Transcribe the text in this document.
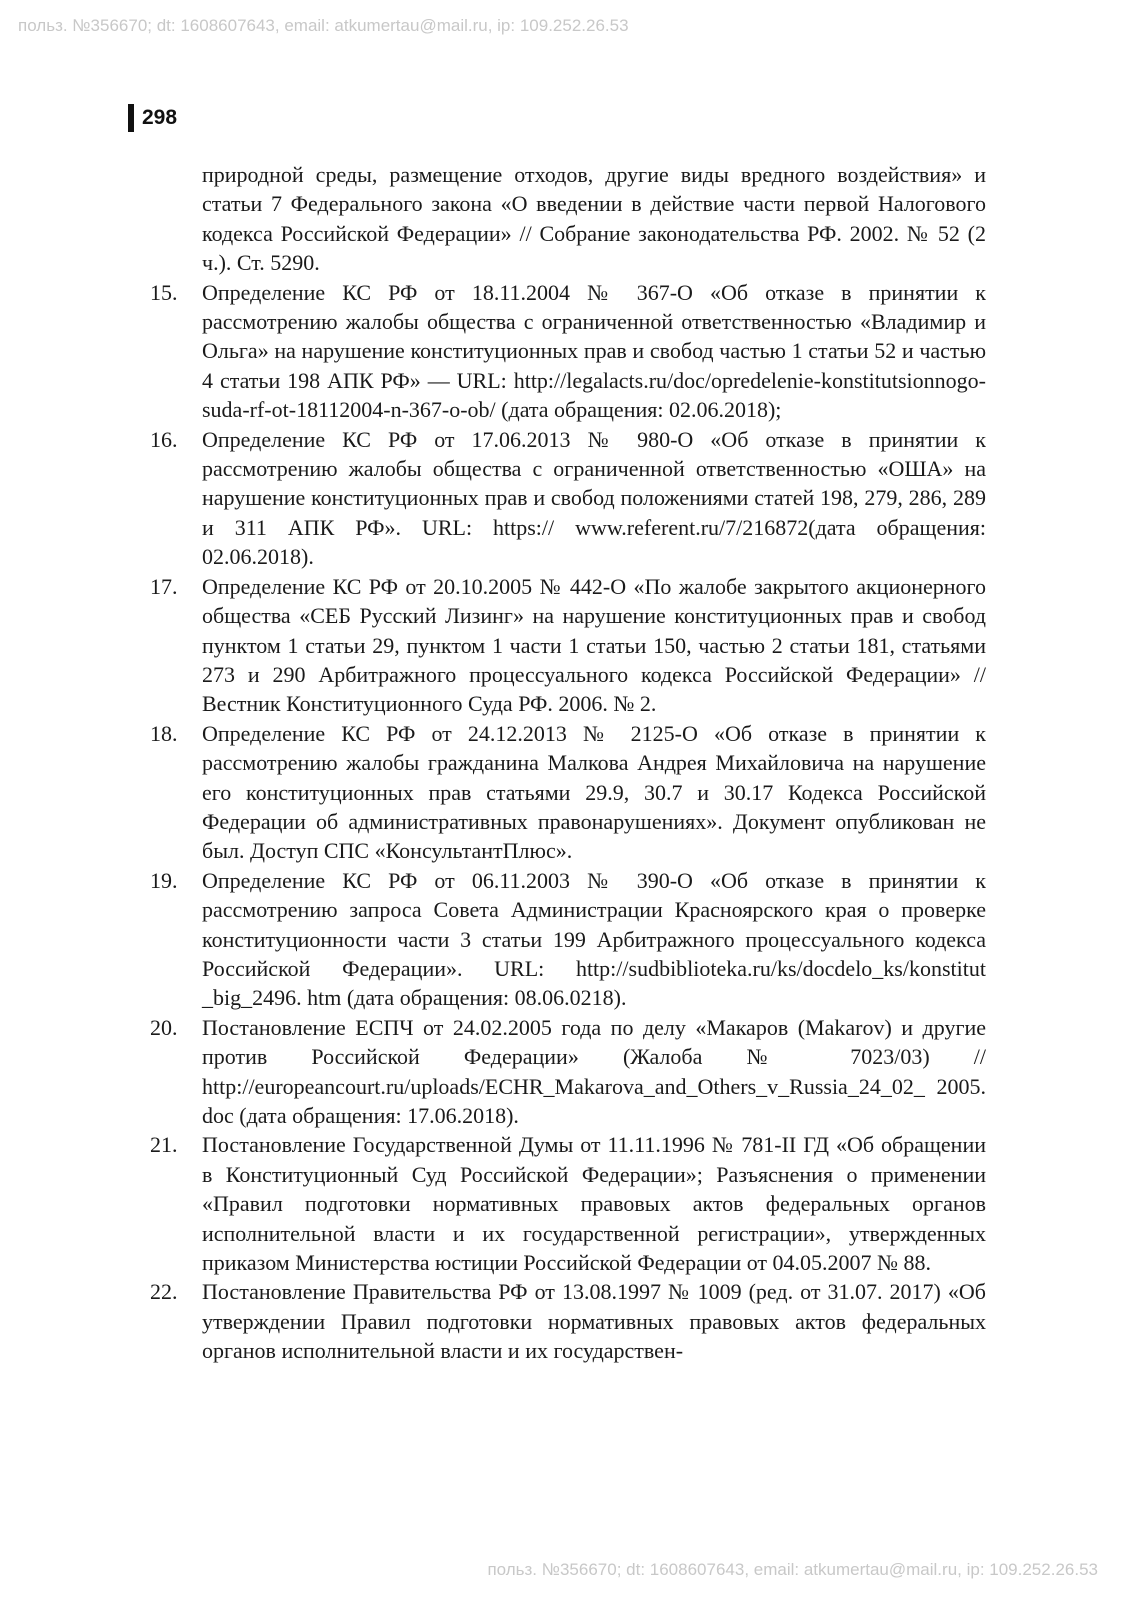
польз. №356670; dt: 1608607643, email: atkumertau@mail.ru, ip: 109.252.26.53
298
природной среды, размещение отходов, другие виды вредного воздействия» и статьи 7 Федерального закона «О введении в действие части первой Налогового кодекса Российской Федерации» // Собрание законодательства РФ. 2002. № 52 (2 ч.). Ст. 5290.
15.	Определение КС РФ от 18.11.2004 № 367-О «Об отказе в принятии к рассмотрению жалобы общества с ограниченной ответственностью «Владимир и Ольга» на нарушение конституционных прав и свобод частью 1 статьи 52 и частью 4 статьи 198 АПК РФ» — URL: http://legalacts.ru/doc/opredelenie-konstitutsionnogo-suda-rf-ot-18112004-n-367-o-ob/ (дата обращения: 02.06.2018);
16.	Определение КС РФ от 17.06.2013 № 980-О «Об отказе в принятии к рассмотрению жалобы общества с ограниченной ответственностью «ОША» на нарушение конституционных прав и свобод положениями статей 198, 279, 286, 289 и 311 АПК РФ». URL: https:// www.referent.ru/7/216872(дата обращения: 02.06.2018).
17.	Определение КС РФ от 20.10.2005 № 442-О «По жалобе закрытого акционерного общества «СЕБ Русский Лизинг» на нарушение конституционных прав и свобод пунктом 1 статьи 29, пунктом 1 части 1 статьи 150, частью 2 статьи 181, статьями 273 и 290 Арбитражного процессуального кодекса Российской Федерации» // Вестник Конституционного Суда РФ. 2006. № 2.
18.	Определение КС РФ от 24.12.2013 № 2125-О «Об отказе в принятии к рассмотрению жалобы гражданина Малкова Андрея Михайловича на нарушение его конституционных прав статьями 29.9, 30.7 и 30.17 Кодекса Российской Федерации об административных правонарушениях». Документ опубликован не был. Доступ СПС «КонсультантПлюс».
19.	Определение КС РФ от 06.11.2003 № 390-О «Об отказе в принятии к рассмотрению запроса Совета Администрации Красноярского края о проверке конституционности части 3 статьи 199 Арбитражного процессуального кодекса Российской Федерации». URL: http://sudbiblioteka.ru/ks/docdelo_ks/konstitut _big_2496. htm (дата обращения: 08.06.0218).
20.	Постановление ЕСПЧ от 24.02.2005 года по делу «Макаров (Makarov) и другие против Российской Федерации» (Жалоба № 7023/03) // http://europeancourt.ru/uploads/ECHR_Makarova_and_Others_v_Russia_24_02_ 2005. doc (дата обращения: 17.06.2018).
21.	Постановление Государственной Думы от 11.11.1996 № 781-II ГД «Об обращении в Конституционный Суд Российской Федерации»; Разъяснения о применении «Правил подготовки нормативных правовых актов федеральных органов исполнительной власти и их государственной регистрации», утвержденных приказом Министерства юстиции Российской Федерации от 04.05.2007 № 88.
22.	Постановление Правительства РФ от 13.08.1997 № 1009 (ред. от 31.07. 2017) «Об утверждении Правил подготовки нормативных правовых актов федеральных органов исполнительной власти и их государствен-
польз. №356670; dt: 1608607643, email: atkumertau@mail.ru, ip: 109.252.26.53
